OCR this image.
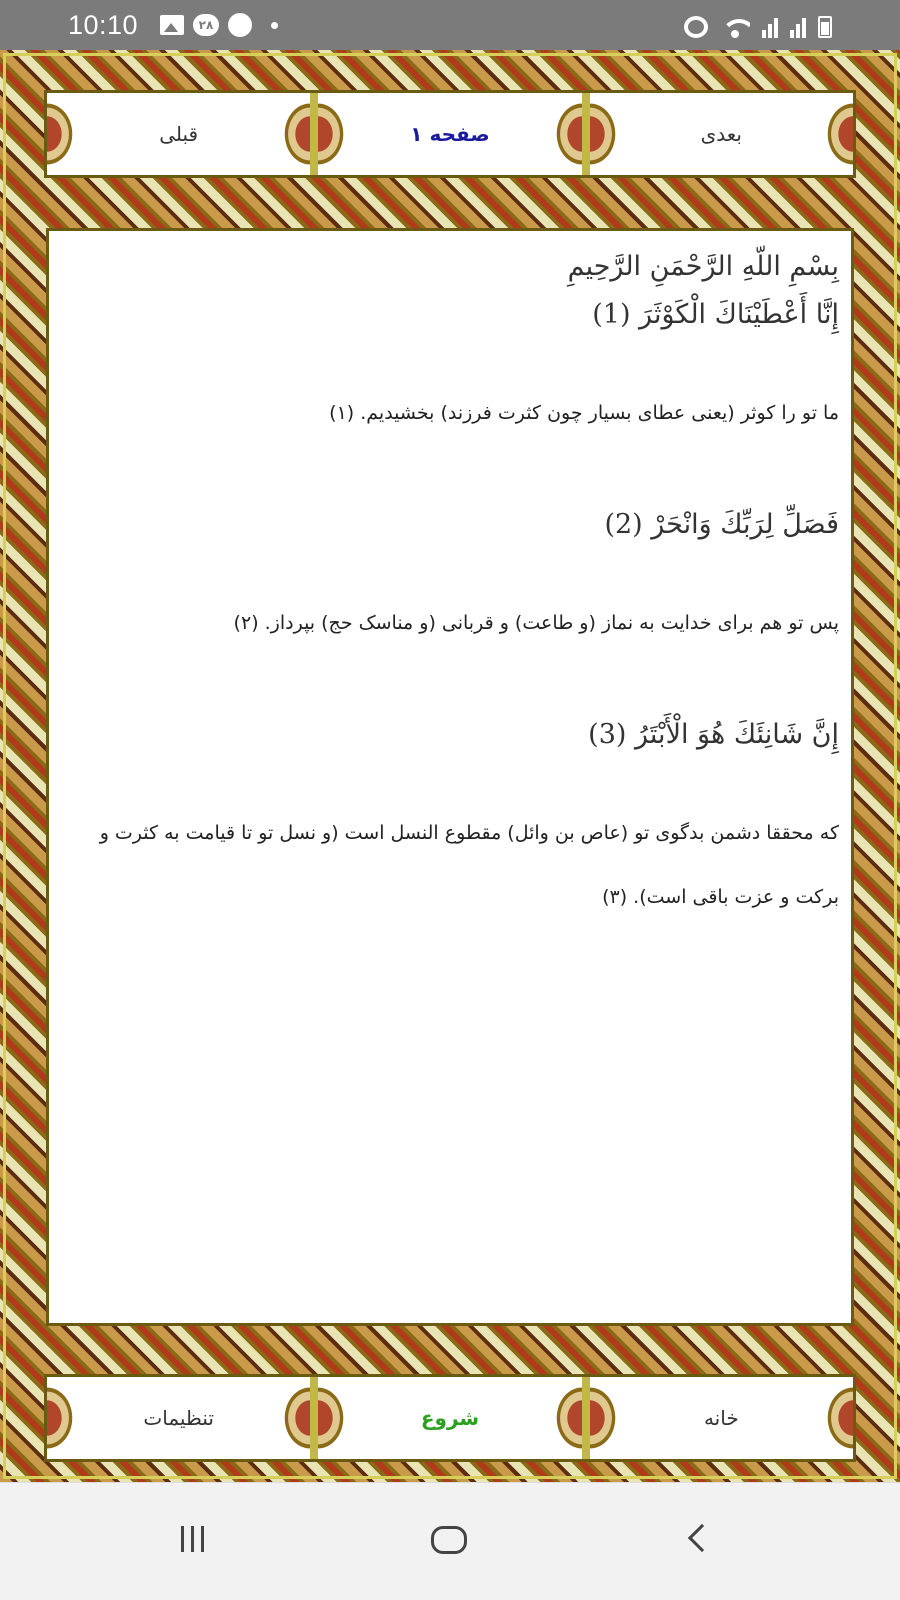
10:10	۲۸
قبلی	صفحه ۱	بعدی
بِسْمِ اللّهِ الرَّحْمَنِ الرَّحِيمِ
إِنَّا أَعْطَيْنَاكَ الْكَوْثَرَ (1)
ما تو را کوثر (یعنی عطای بسیار چون کثرت فرزند) بخشیدیم. (۱)
فَصَلِّ لِرَبِّكَ وَانْحَرْ (2)
پس تو هم برای خدایت به نماز (و طاعت) و قربانی (و مناسک حج) بپرداز. (۲)
إِنَّ شَانِئَكَ هُوَ الْأَبْتَرُ (3)
که محققا دشمن بدگوی تو (عاص بن وائل) مقطوع النسل است (و نسل تو تا قیامت به کثرت و برکت و عزت باقی است). (۳)
تنظیمات	شروع	خانه
